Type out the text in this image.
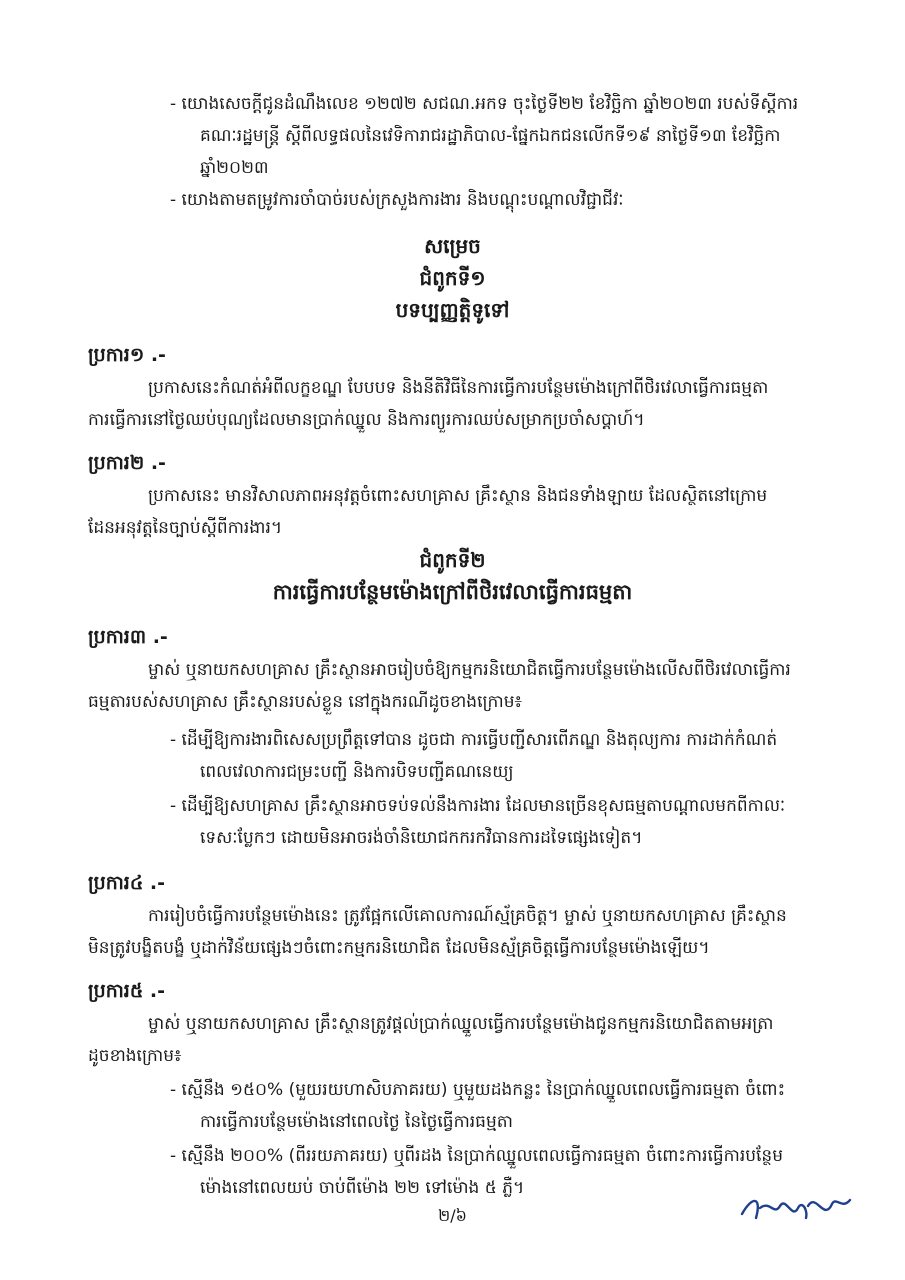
- យោងសេចក្ដីជូនដំណឹងលេខ ១២៧២ សជណ.អកទ ចុះថ្ងៃទី២២ ខែវិច្ឆិកា ឆ្នាំ២០២៣ របស់ទីស្ដីការ
គណៈរដ្ឋមន្ដ្រី ស្ដីពីលទ្ធផលនៃវេទិការាជរដ្ឋាភិបាល-ផ្នែកឯកជនលើកទី១៩ នាថ្ងៃទី១៣ ខែវិច្ឆិកា
ឆ្នាំ២០២៣
- យោងតាមតម្រូវការចាំបាច់របស់ក្រសួងការងារ និងបណ្ដុះបណ្ដាលវិជ្ជាជីវៈ
សម្រេច
ជំពូកទី១
បទប្បញ្ញត្តិទូទៅ
ប្រការ១ .-
ប្រកាសនេះកំណត់អំពីលក្ខខណ្ឌ បែបបទ និងនីតិវិធីនៃការធ្វើការបន្ថែមម៉ោងក្រៅពីថិរវេលាធ្វើការធម្មតា
ការធ្វើការនៅថ្ងៃឈប់បុណ្យដែលមានប្រាក់ឈ្នួល និងការព្យួរការឈប់សម្រាកប្រចាំសប្ដាហ៍។
ប្រការ២ .-
ប្រកាសនេះ មានវិសាលភាពអនុវត្តចំពោះសហគ្រាស គ្រឹះស្ថាន និងជនទាំងឡាយ ដែលស្ថិតនៅក្រោម
ដែនអនុវត្តនៃច្បាប់ស្ដីពីការងារ។
ជំពូកទី២
ការធ្វើការបន្ថែមម៉ោងក្រៅពីថិរវេលាធ្វើការធម្មតា
ប្រការ៣ .-
ម្ចាស់ ឬនាយកសហគ្រាស គ្រឹះស្ថានអាចរៀបចំឱ្យកម្មករនិយោជិតធ្វើការបន្ថែមម៉ោងលើសពីថិរវេលាធ្វើការ
ធម្មតារបស់សហគ្រាស គ្រឹះស្ថានរបស់ខ្លួន នៅក្នុងករណីដូចខាងក្រោម៖
- ដើម្បីឱ្យការងារពិសេសប្រព្រឹត្តទៅបាន ដូចជា ការធ្វើបញ្ជីសារពើភណ្ឌ និងតុល្យការ ការដាក់កំណត់
ពេលវេលាការជម្រះបញ្ជី និងការបិទបញ្ជីគណនេយ្យ
- ដើម្បីឱ្យសហគ្រាស គ្រឹះស្ថានអាចទប់ទល់នឹងការងារ ដែលមានច្រើនខុសធម្មតាបណ្ដាលមកពីកាលៈ
ទេសៈប្លែកៗ ដោយមិនអាចរង់ចាំនិយោជកករកវិធានការដទៃផ្សេងទៀត។
ប្រការ៤ .-
ការរៀបចំធ្វើការបន្ថែមម៉ោងនេះ ត្រូវផ្អែកលើគោលការណ៍ស្ម័គ្រចិត្ត។ ម្ចាស់ ឬនាយកសហគ្រាស គ្រឹះស្ថាន
មិនត្រូវបង្ខិតបង្ខំ ឬដាក់វិន័យផ្សេងៗចំពោះកម្មករនិយោជិត ដែលមិនស្ម័គ្រចិត្តធ្វើការបន្ថែមម៉ោងឡើយ។
ប្រការ៥ .-
ម្ចាស់ ឬនាយកសហគ្រាស គ្រឹះស្ថានត្រូវផ្ដល់ប្រាក់ឈ្នួលធ្វើការបន្ថែមម៉ោងជូនកម្មករនិយោជិតតាមអត្រា
ដូចខាងក្រោម៖
- ស្មើនឹង ១៥០% (មួយរយហាសិបភាគរយ) ឬមួយដងកន្លះ នៃប្រាក់ឈ្នួលពេលធ្វើការធម្មតា ចំពោះ
ការធ្វើការបន្ថែមម៉ោងនៅពេលថ្ងៃ នៃថ្ងៃធ្វើការធម្មតា
- ស្មើនឹង ២០០% (ពីររយភាគរយ) ឬពីរដង នៃប្រាក់ឈ្នួលពេលធ្វើការធម្មតា ចំពោះការធ្វើការបន្ថែម
ម៉ោងនៅពេលយប់ ចាប់ពីម៉ោង ២២ ទៅម៉ោង ៥ ភ្លឺ។
២/៦
